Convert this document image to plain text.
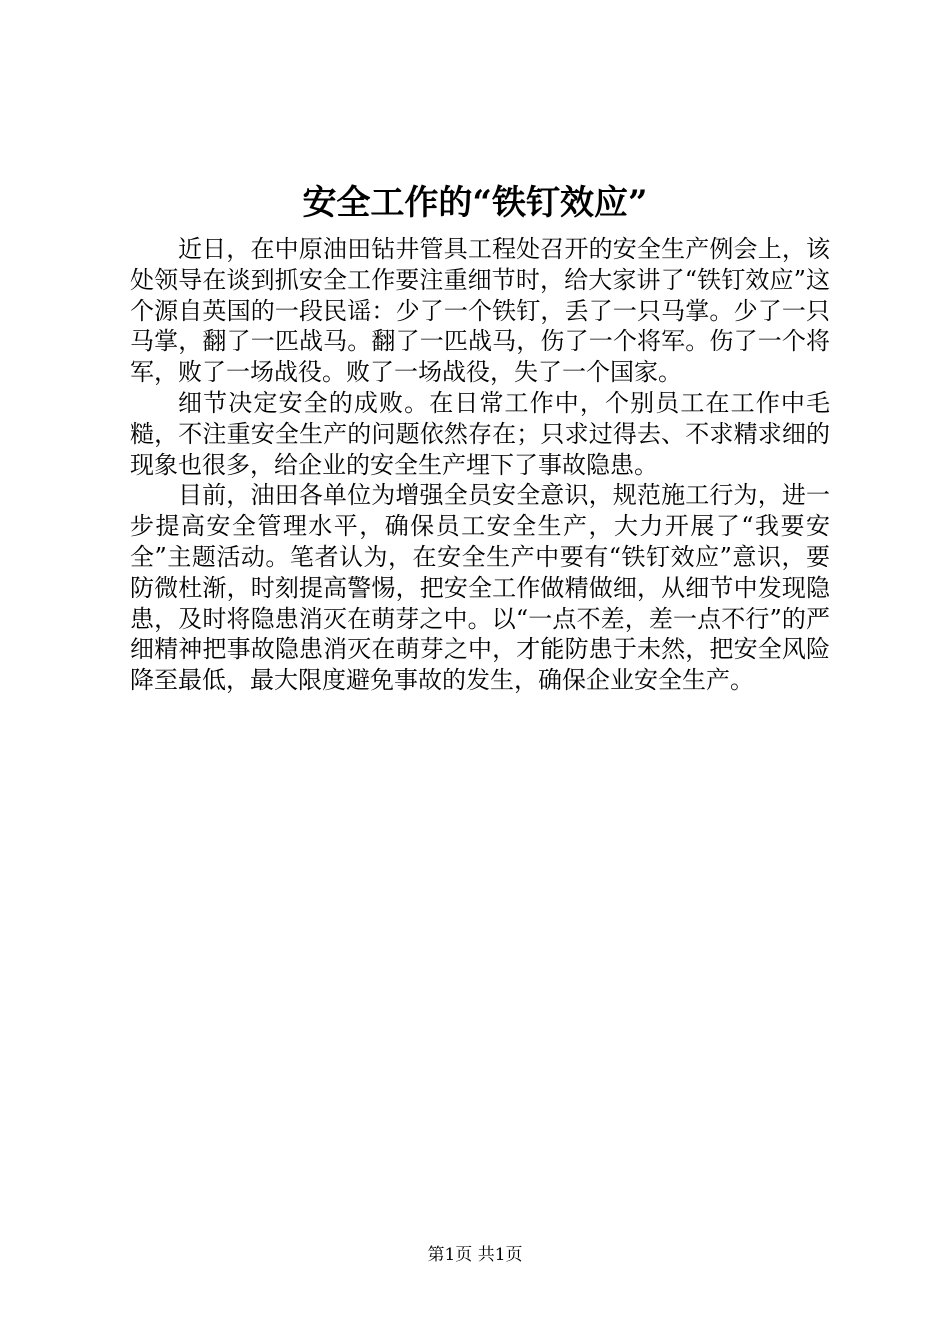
安全工作的“铁钉效应”

近日，在中原油田钻井管具工程处召开的安全生产例会上，该处领导在谈到抓安全工作要注重细节时，给大家讲了“铁钉效应”这个源自英国的一段民谣：少了一个铁钉，丢了一只马掌。少了一只马掌，翻了一匹战马。翻了一匹战马，伤了一个将军。伤了一个将军，败了一场战役。败了一场战役，失了一个国家。

细节决定安全的成败。在日常工作中，个别员工在工作中毛糙，不注重安全生产的问题依然存在；只求过得去、不求精求细的现象也很多，给企业的安全生产埋下了事故隐患。

目前，油田各单位为增强全员安全意识，规范施工行为，进一步提高安全管理水平，确保员工安全生产，大力开展了“我要安全”主题活动。笔者认为，在安全生产中要有“铁钉效应”意识，要防微杜渐，时刻提高警惕，把安全工作做精做细，从细节中发现隐患，及时将隐患消灭在萌芽之中。以“一点不差，差一点不行”的严细精神把事故隐患消灭在萌芽之中，才能防患于未然，把安全风险降至最低，最大限度避免事故的发生，确保企业安全生产。

第1页 共1页
